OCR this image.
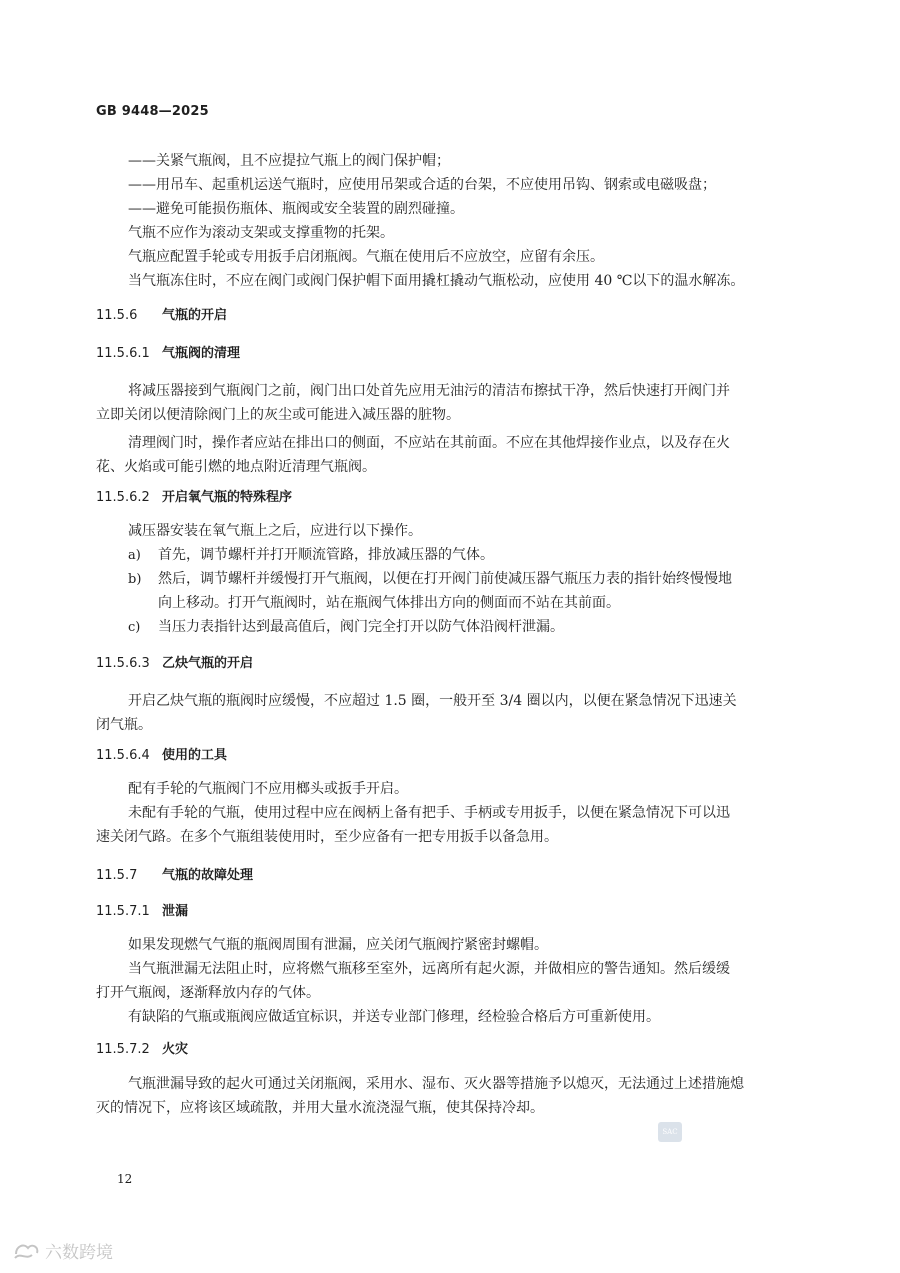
GB 9448—2025
——关紧气瓶阀，且不应提拉气瓶上的阀门保护帽；
——用吊车、起重机运送气瓶时，应使用吊架或合适的台架，不应使用吊钩、钢索或电磁吸盘；
——避免可能损伤瓶体、瓶阀或安全装置的剧烈碰撞。
气瓶不应作为滚动支架或支撑重物的托架。
气瓶应配置手轮或专用扳手启闭瓶阀。气瓶在使用后不应放空，应留有余压。
当气瓶冻住时，不应在阀门或阀门保护帽下面用撬杠撬动气瓶松动，应使用 40 ℃以下的温水解冻。
将减压器接到气瓶阀门之前，阀门出口处首先应用无油污的清洁布擦拭干净，然后快速打开阀门并
立即关闭以便清除阀门上的灰尘或可能进入减压器的脏物。
清理阀门时，操作者应站在排出口的侧面，不应站在其前面。不应在其他焊接作业点，以及存在火
花、火焰或可能引燃的地点附近清理气瓶阀。
减压器安装在氧气瓶上之后，应进行以下操作。
开启乙炔气瓶的瓶阀时应缓慢，不应超过 1.5 圈，一般开至 3/4 圈以内，以便在紧急情况下迅速关
闭气瓶。
配有手轮的气瓶阀门不应用榔头或扳手开启。
未配有手轮的气瓶，使用过程中应在阀柄上备有把手、手柄或专用扳手，以便在紧急情况下可以迅
速关闭气路。在多个气瓶组装使用时，至少应备有一把专用扳手以备急用。
如果发现燃气气瓶的瓶阀周围有泄漏，应关闭气瓶阀拧紧密封螺帽。
当气瓶泄漏无法阻止时，应将燃气瓶移至室外，远离所有起火源，并做相应的警告通知。然后缓缓
打开气瓶阀，逐渐释放内存的气体。
有缺陷的气瓶或瓶阀应做适宜标识，并送专业部门修理，经检验合格后方可重新使用。
气瓶泄漏导致的起火可通过关闭瓶阀，采用水、湿布、灭火器等措施予以熄灭，无法通过上述措施熄
灭的情况下，应将该区域疏散，并用大量水流浇湿气瓶，使其保持冷却。
11.5.6 气瓶的开启
11.5.6.1 气瓶阀的清理
11.5.6.2 开启氧气瓶的特殊程序
11.5.6.3 乙炔气瓶的开启
11.5.6.4 使用的工具
11.5.7 气瓶的故障处理
11.5.7.1 泄漏
11.5.7.2 火灾
a) 首先，调节螺杆并打开顺流管路，排放减压器的气体。
b) 然后，调节螺杆并缓慢打开气瓶阀，以便在打开阀门前使减压器气瓶压力表的指针始终慢慢地
向上移动。打开气瓶阀时，站在瓶阀气体排出方向的侧面而不站在其前面。
c) 当压力表指针达到最高值后，阀门完全打开以防气体沿阀杆泄漏。
12
SAC
六数跨境
